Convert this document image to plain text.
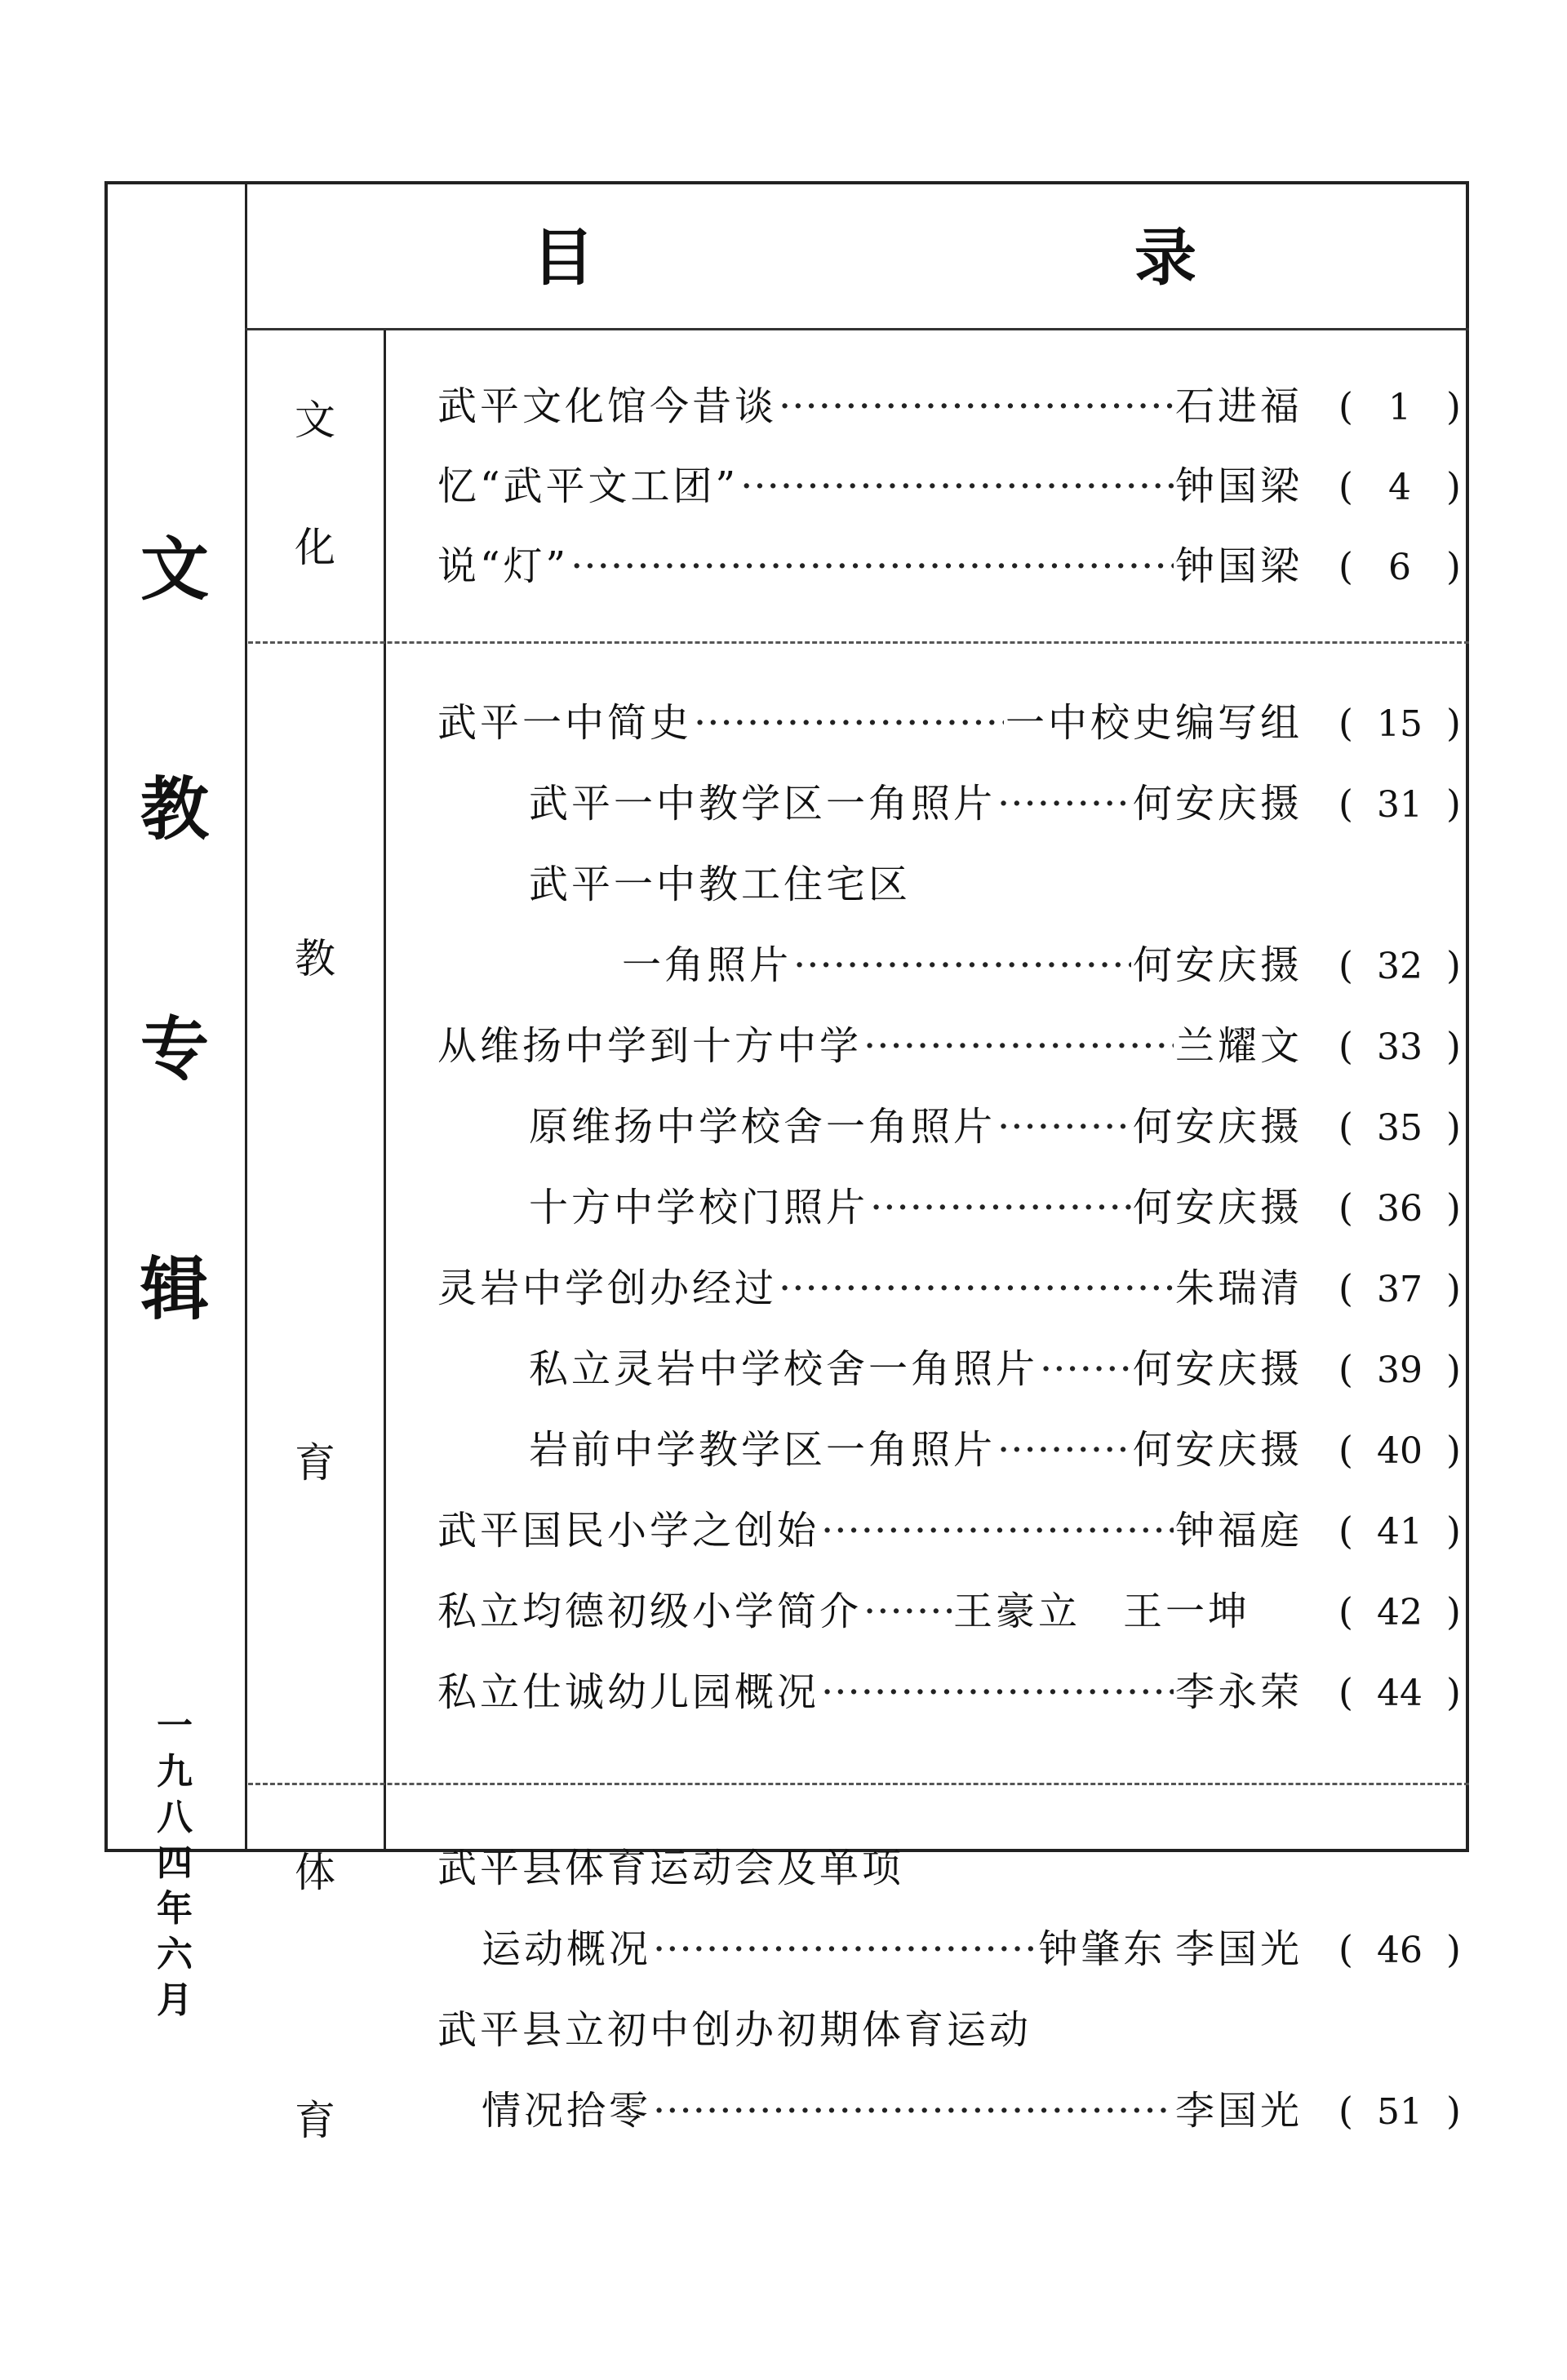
目	录
文
教
专
辑
一
九
八
四
年
六
月
文
化
教
育
体
育
武平文化馆今昔谈 ·····	石进福 ( 1 )
忆“武平文工团” ·····	钟国梁 ( 4 )
说“灯” ·····	钟国梁 ( 6 )
武平一中简史 ·····	一中校史编写组 ( 15 )
武平一中教学区一角照片 ·····	何安庆摄 ( 31 )
武平一中教工住宅区
一角照片 ·····	何安庆摄 ( 32 )
从维扬中学到十方中学 ·····	兰耀文 ( 33 )
原维扬中学校舍一角照片 ·····	何安庆摄 ( 35 )
十方中学校门照片 ·····	何安庆摄 ( 36 )
灵岩中学创办经过 ·····	朱瑞清 ( 37 )
私立灵岩中学校舍一角照片 ····· 何安庆摄 ( 39 )
岩前中学教学区一角照片 ·····	何安庆摄 ( 40 )
武平国民小学之创始 ·····	钟福庭 ( 41 )
私立均德初级小学简介 ····· 王豪立 王一坤 ( 42 )
私立仕诚幼儿园概况 ·····	李永荣 ( 44 )
武平县体育运动会及单项
运动概况 ·····	钟肇东 李国光 ( 46 )
武平县立初中创办初期体育运动
情况拾零 ·····	李国光 ( 51 )
